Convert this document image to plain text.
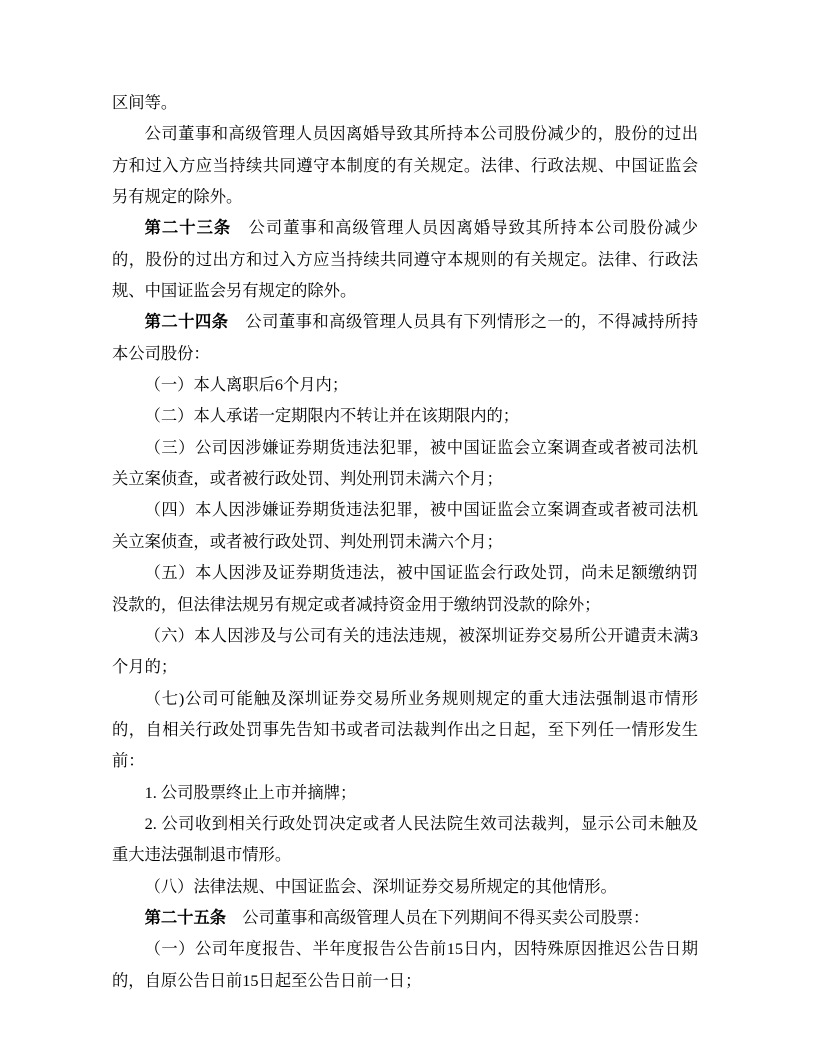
区间等。

公司董事和高级管理人员因离婚导致其所持本公司股份减少的，股份的过出方和过入方应当持续共同遵守本制度的有关规定。法律、行政法规、中国证监会另有规定的除外。

第二十三条　公司董事和高级管理人员因离婚导致其所持本公司股份减少的，股份的过出方和过入方应当持续共同遵守本规则的有关规定。法律、行政法规、中国证监会另有规定的除外。

第二十四条　公司董事和高级管理人员具有下列情形之一的，不得减持所持本公司股份：

（一）本人离职后6个月内；

（二）本人承诺一定期限内不转让并在该期限内的；

（三）公司因涉嫌证券期货违法犯罪，被中国证监会立案调查或者被司法机关立案侦查，或者被行政处罚、判处刑罚未满六个月；

（四）本人因涉嫌证券期货违法犯罪，被中国证监会立案调查或者被司法机关立案侦查，或者被行政处罚、判处刑罚未满六个月；

（五）本人因涉及证券期货违法，被中国证监会行政处罚，尚未足额缴纳罚没款的，但法律法规另有规定或者减持资金用于缴纳罚没款的除外；

（六）本人因涉及与公司有关的违法违规，被深圳证券交易所公开谴责未满3个月的；

（七)公司可能触及深圳证券交易所业务规则规定的重大违法强制退市情形的，自相关行政处罚事先告知书或者司法裁判作出之日起，至下列任一情形发生前：

1. 公司股票终止上市并摘牌；

2. 公司收到相关行政处罚决定或者人民法院生效司法裁判，显示公司未触及重大违法强制退市情形。

（八）法律法规、中国证监会、深圳证券交易所规定的其他情形。

第二十五条　公司董事和高级管理人员在下列期间不得买卖公司股票：

（一）公司年度报告、半年度报告公告前15日内，因特殊原因推迟公告日期的，自原公告日前15日起至公告日前一日；
